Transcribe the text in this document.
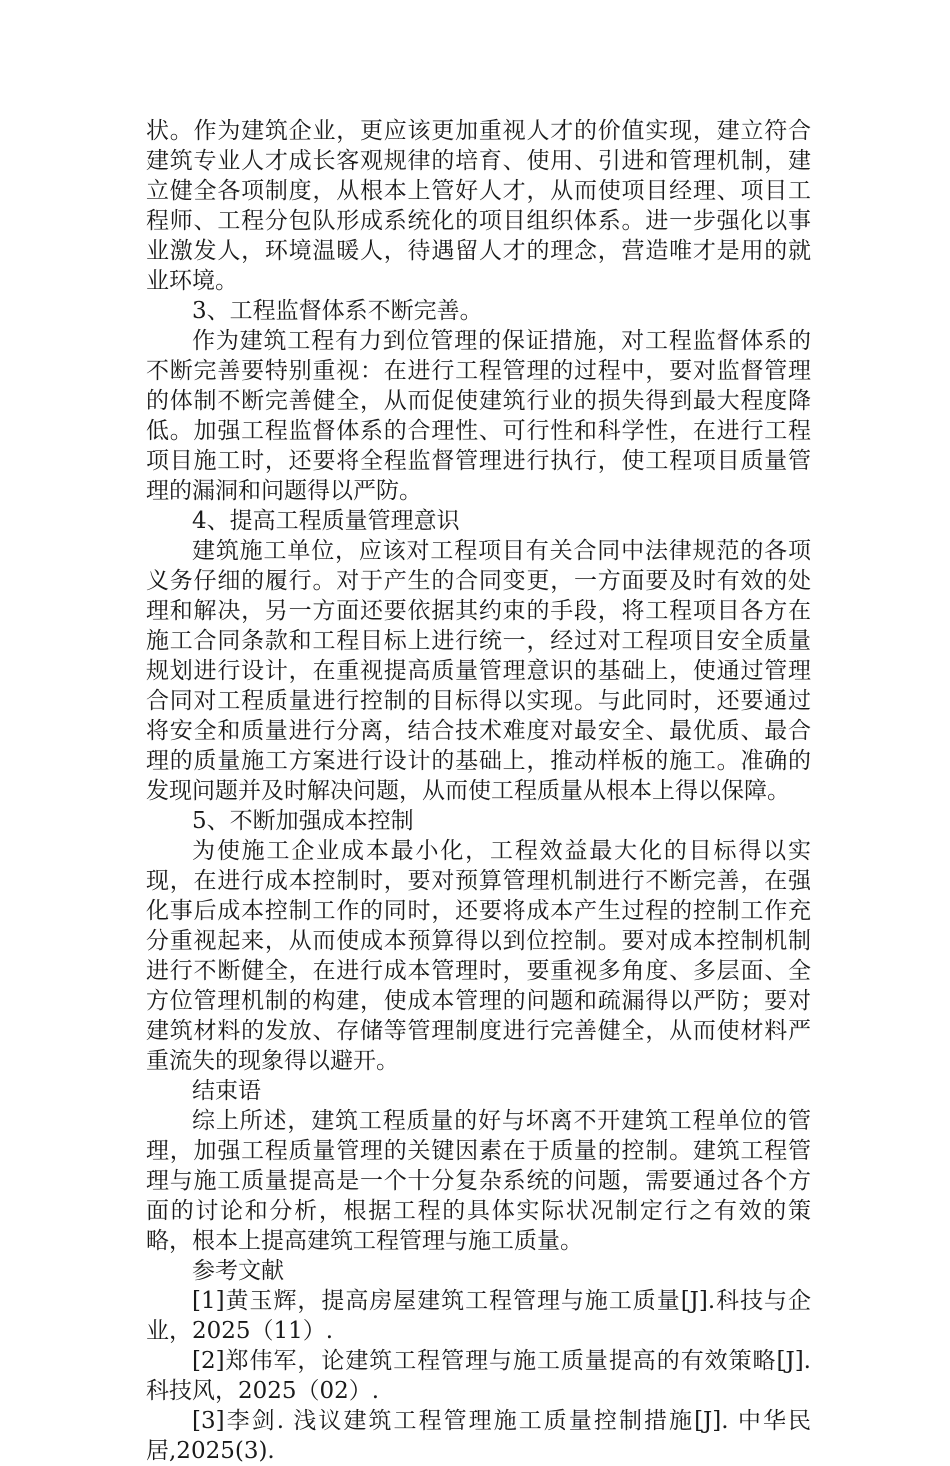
状。作为建筑企业，更应该更加重视人才的价值实现，建立符合建筑专业人才成长客观规律的培育、使用、引进和管理机制，建立健全各项制度，从根本上管好人才，从而使项目经理、项目工程师、工程分包队形成系统化的项目组织体系。进一步强化以事业激发人，环境温暖人，待遇留人才的理念，营造唯才是用的就业环境。

3、工程监督体系不断完善。

作为建筑工程有力到位管理的保证措施，对工程监督体系的不断完善要特别重视：在进行工程管理的过程中，要对监督管理的体制不断完善健全，从而促使建筑行业的损失得到最大程度降低。加强工程监督体系的合理性、可行性和科学性，在进行工程项目施工时，还要将全程监督管理进行执行，使工程项目质量管理的漏洞和问题得以严防。

4、提高工程质量管理意识

建筑施工单位，应该对工程项目有关合同中法律规范的各项义务仔细的履行。对于产生的合同变更，一方面要及时有效的处理和解决，另一方面还要依据其约束的手段，将工程项目各方在施工合同条款和工程目标上进行统一，经过对工程项目安全质量规划进行设计，在重视提高质量管理意识的基础上，使通过管理合同对工程质量进行控制的目标得以实现。与此同时，还要通过将安全和质量进行分离，结合技术难度对最安全、最优质、最合理的质量施工方案进行设计的基础上，推动样板的施工。准确的发现问题并及时解决问题，从而使工程质量从根本上得以保障。

5、不断加强成本控制

为使施工企业成本最小化，工程效益最大化的目标得以实现，在进行成本控制时，要对预算管理机制进行不断完善，在强化事后成本控制工作的同时，还要将成本产生过程的控制工作充分重视起来，从而使成本预算得以到位控制。要对成本控制机制进行不断健全，在进行成本管理时，要重视多角度、多层面、全方位管理机制的构建，使成本管理的问题和疏漏得以严防；要对建筑材料的发放、存储等管理制度进行完善健全，从而使材料严重流失的现象得以避开。

结束语

综上所述，建筑工程质量的好与坏离不开建筑工程单位的管理，加强工程质量管理的关键因素在于质量的控制。建筑工程管理与施工质量提高是一个十分复杂系统的问题，需要通过各个方面的讨论和分析，根据工程的具体实际状况制定行之有效的策略，根本上提高建筑工程管理与施工质量。

参考文献

[1]黄玉辉，提高房屋建筑工程管理与施工质量[J].科技与企业，2025（11）.

[2]郑伟军，论建筑工程管理与施工质量提高的有效策略[J].科技风，2025（02）.

[3]李剑. 浅议建筑工程管理施工质量控制措施[J]. 中华民居,2025(3).
